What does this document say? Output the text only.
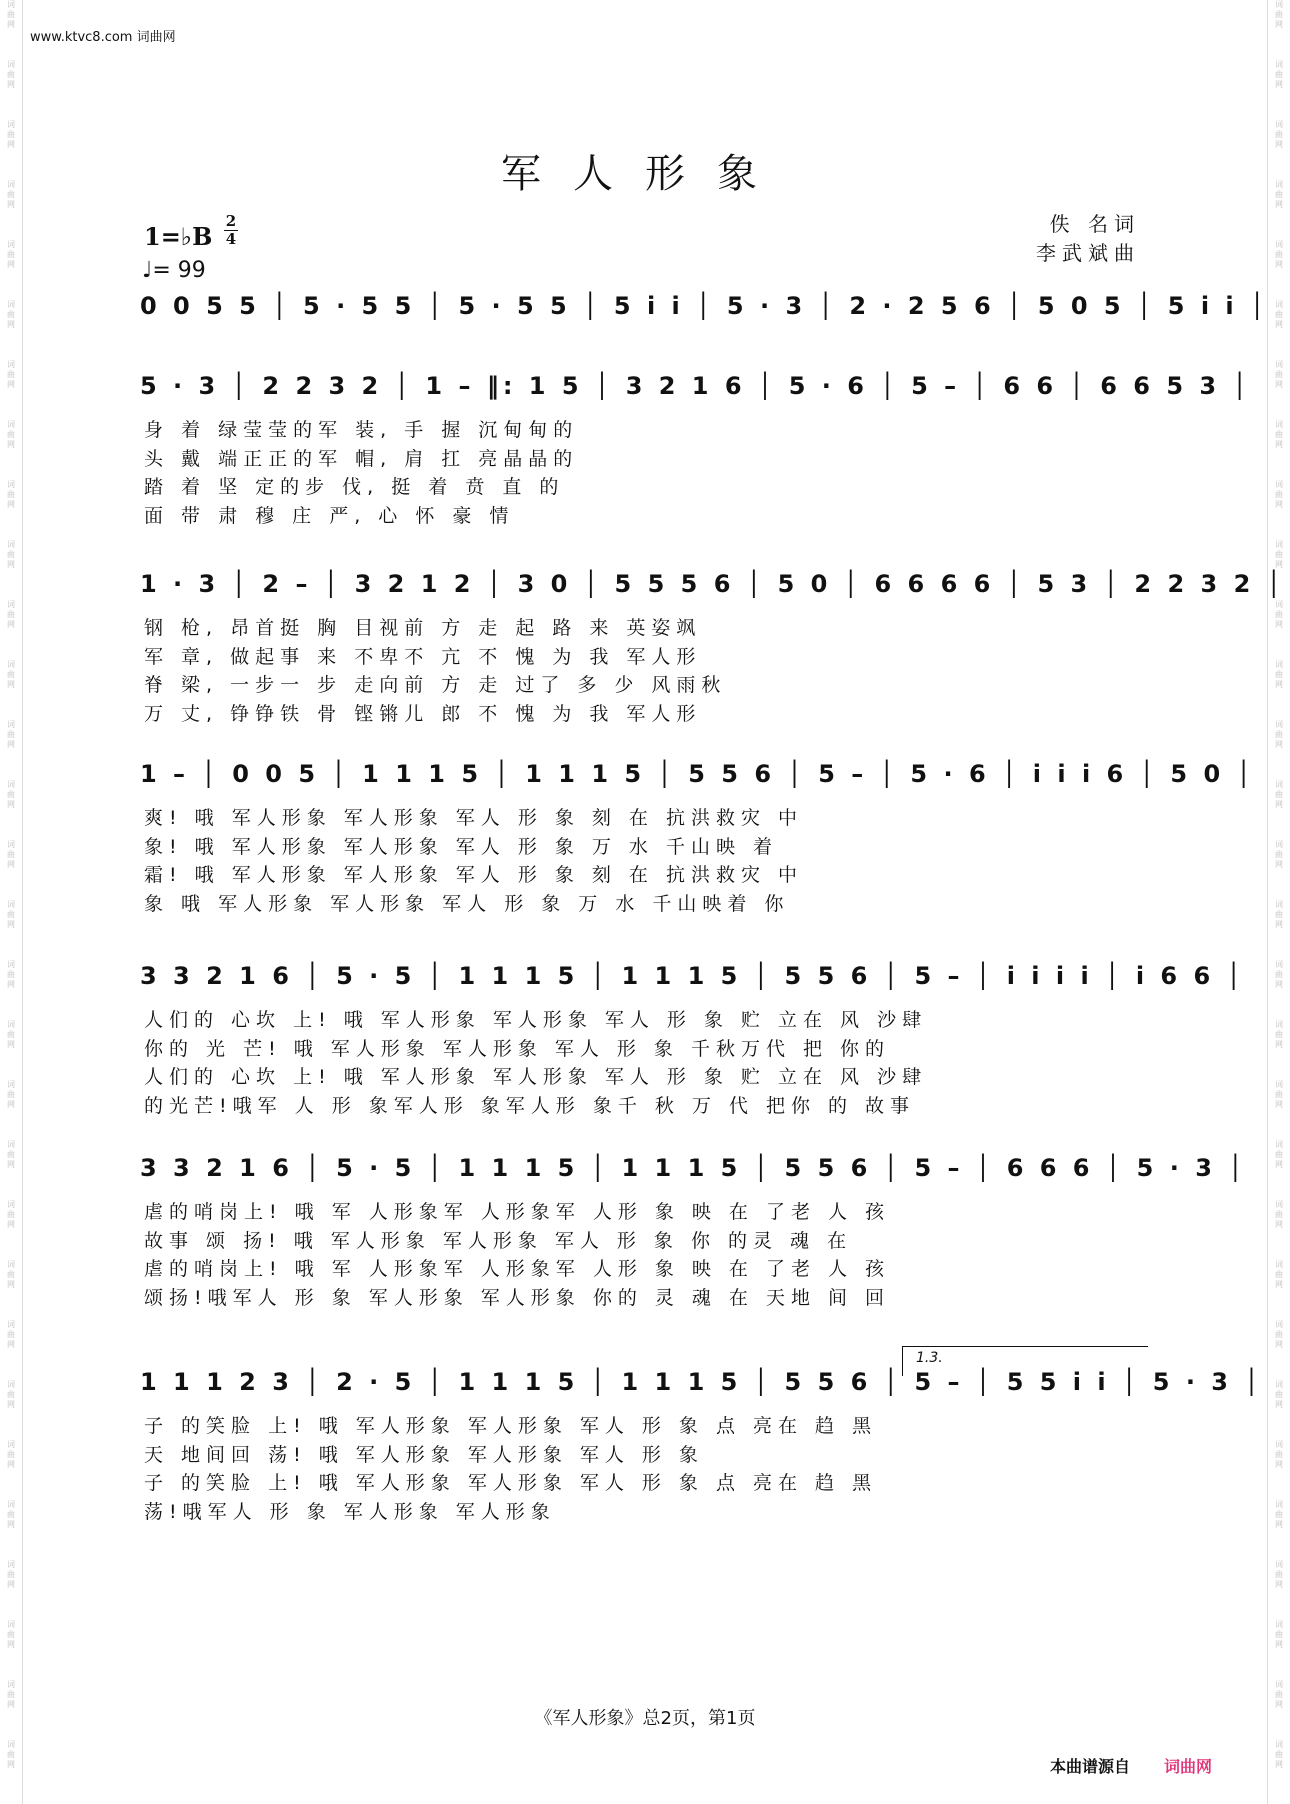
词
曲
网
词
曲
网
词
曲
网
词
曲
网
词
曲
网
词
曲
网
词
曲
网
词
曲
网
词
曲
网
词
曲
网
词
曲
网
词
曲
网
词
曲
网
词
曲
网
词
曲
网
词
曲
网
词
曲
网
词
曲
网
词
曲
网
词
曲
网
词
曲
网
词
曲
网
词
曲
网
词
曲
网
词
曲
网
词
曲
网
词
曲
网
词
曲
网
词
曲
网
词
曲
网
词
曲
网
词
曲
网
词
曲
网
词
曲
网
词
曲
网
词
曲
网
词
曲
网
词
曲
网
词
曲
网
词
曲
网
词
曲
网
词
曲
网
词
曲
网
词
曲
网
词
曲
网
词
曲
网
词
曲
网
词
曲
网
词
曲
网
词
曲
网
词
曲
网
词
曲
网
词
曲
网
词
曲
网
词
曲
网
词
曲
网
词
曲
网
词
曲
网
词
曲
网
词
曲
网
www.ktvc8.com 词曲网
军人形象
1=♭B
2
4
♩= 99
佚 名词
李武斌曲
0 0 5 5 │ 5 · 5 5 │ 5 · 5 5 │ 5 i i │ 5 · 3 │ 2 · 2 5 6 │ 5 0 5 │ 5 i i │
5 · 3 │ 2 2 3 2 │ 1 – ‖: 1 5 │ 3 2 1 6 │ 5 · 6 │ 5 – │ 6 6 │ 6 6 5 3 │
身 着 绿莹莹的军 装, 手 握 沉甸甸的
头 戴 端正正的军 帽, 肩 扛 亮晶晶的
踏 着 坚 定的步 伐, 挺 着 贲 直 的
面 带 肃 穆 庄 严, 心 怀 豪 情
1 · 3 │ 2 – │ 3 2 1 2 │ 3 0 │ 5 5 5 6 │ 5 0 │ 6 6 6 6 │ 5 3 │ 2 2 3 2 │
钢 枪, 昂首挺 胸 目视前 方 走 起 路 来 英姿飒
军 章, 做起事 来 不卑不 亢 不 愧 为 我 军人形
脊 梁, 一步一 步 走向前 方 走 过了 多 少 风雨秋
万 丈, 铮铮铁 骨 铿锵儿 郎 不 愧 为 我 军人形
1 – │ 0 0 5 │ 1 1 1 5 │ 1 1 1 5 │ 5 5 6 │ 5 – │ 5 · 6 │ i i i 6 │ 5 0 │
爽! 哦 军人形象 军人形象 军人 形 象 刻 在 抗洪救灾 中
象! 哦 军人形象 军人形象 军人 形 象 万 水 千山映 着
霜! 哦 军人形象 军人形象 军人 形 象 刻 在 抗洪救灾 中
象 哦 军人形象 军人形象 军人 形 象 万 水 千山映着 你
3 3 2 1 6 │ 5 · 5 │ 1 1 1 5 │ 1 1 1 5 │ 5 5 6 │ 5 – │ i i i i │ i 6 6 │
人们的 心坎 上! 哦 军人形象 军人形象 军人 形 象 贮 立在 风 沙肆
你的 光 芒! 哦 军人形象 军人形象 军人 形 象 千秋万代 把 你的
人们的 心坎 上! 哦 军人形象 军人形象 军人 形 象 贮 立在 风 沙肆
的光芒!哦军 人 形 象军人形 象军人形 象千 秋 万 代 把你 的 故事
3 3 2 1 6 │ 5 · 5 │ 1 1 1 5 │ 1 1 1 5 │ 5 5 6 │ 5 – │ 6 6 6 │ 5 · 3 │
虐的哨岗上! 哦 军 人形象军 人形象军 人形 象 映 在 了老 人 孩
故事 颂 扬! 哦 军人形象 军人形象 军人 形 象 你 的灵 魂 在
虐的哨岗上! 哦 军 人形象军 人形象军 人形 象 映 在 了老 人 孩
颂扬!哦军人 形 象 军人形象 军人形象 你的 灵 魂 在 天地 间 回
1.3.
1 1 1 2 3 │ 2 · 5 │ 1 1 1 5 │ 1 1 1 5 │ 5 5 6 │ 5 – │ 5 5 i i │ 5 · 3 │
子 的笑脸 上! 哦 军人形象 军人形象 军人 形 象 点 亮在 趋 黑
天 地间回 荡! 哦 军人形象 军人形象 军人 形 象
子 的笑脸 上! 哦 军人形象 军人形象 军人 形 象 点 亮在 趋 黑
荡!哦军人 形 象 军人形象 军人形象
《军人形象》总2页，第1页
本曲谱源自 词曲网
